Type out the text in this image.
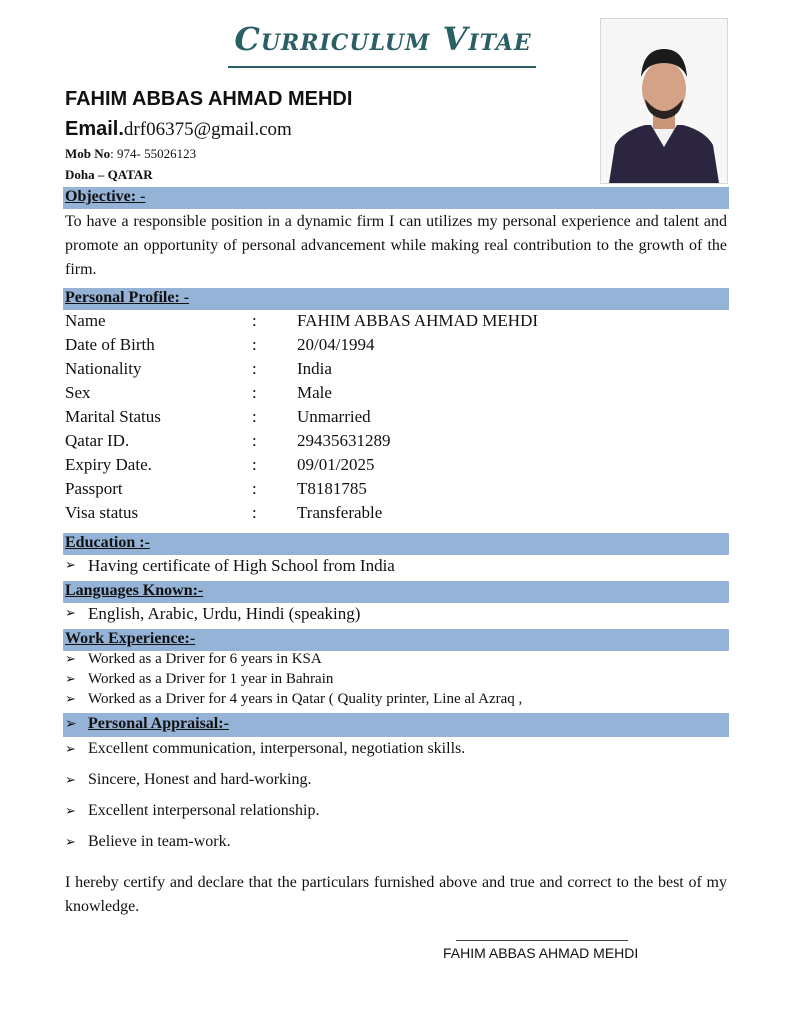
Curriculum Vitae
FAHIM ABBAS AHMAD MEHDI
Email.drf06375@gmail.com
Mob No: 974- 55026123
Doha – QATAR
Objective: -
To have a responsible position in a dynamic firm I can utilizes my personal experience and talent and promote an opportunity of personal advancement while making real contribution to the growth of the firm.
Personal Profile: -
Name	: FAHIM ABBAS AHMAD MEHDI
Date of Birth	: 20/04/1994
Nationality	: India
Sex	: Male
Marital Status	: Unmarried
Qatar ID.	: 29435631289
Expiry Date.	: 09/01/2025
Passport	: T8181785
Visa status	: Transferable
Education :-
➢ Having certificate of High School from India
Languages Known:-
➢ English, Arabic, Urdu, Hindi (speaking)
Work Experience:-
➢ Worked as a Driver for 6 years in KSA
➢ Worked as a Driver for 1 year in Bahrain
➢ Worked as a Driver for 4 years in Qatar ( Quality printer, Line al Azraq ,
➢ Personal Appraisal:-
➢ Excellent communication, interpersonal, negotiation skills.
➢ Sincere, Honest and hard-working.
➢ Excellent interpersonal relationship.
➢ Believe in team-work.
I hereby certify and declare that the particulars furnished above and true and correct to the best of my knowledge.
FAHIM ABBAS AHMAD MEHDI
